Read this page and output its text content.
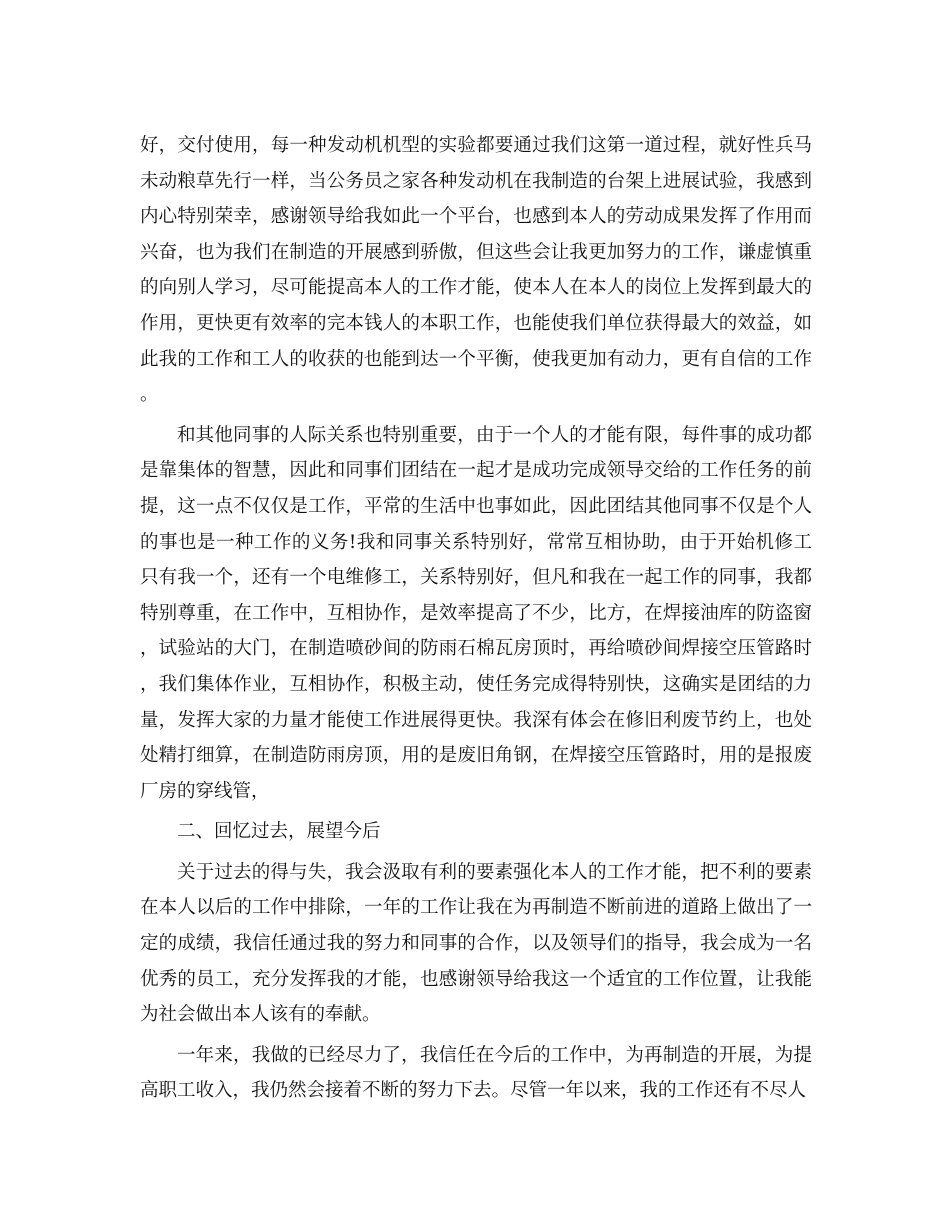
好，交付使用，每一种发动机机型的实验都要通过我们这第一道过程，就好性兵马未动粮草先行一样，当公务员之家各种发动机在我制造的台架上进展试验，我感到内心特别荣幸，感谢领导给我如此一个平台，也感到本人的劳动成果发挥了作用而兴奋，也为我们在制造的开展感到骄傲，但这些会让我更加努力的工作，谦虚慎重的向别人学习，尽可能提高本人的工作才能，使本人在本人的岗位上发挥到最大的作用，更快更有效率的完本钱人的本职工作，也能使我们单位获得最大的效益，如此我的工作和工人的收获的也能到达一个平衡，使我更加有动力，更有自信的工作。

和其他同事的人际关系也特别重要，由于一个人的才能有限，每件事的成功都是靠集体的智慧，因此和同事们团结在一起才是成功完成领导交给的工作任务的前提，这一点不仅仅是工作，平常的生活中也事如此，因此团结其他同事不仅是个人的事也是一种工作的义务!我和同事关系特别好，常常互相协助，由于开始机修工只有我一个，还有一个电维修工，关系特别好，但凡和我在一起工作的同事，我都特别尊重，在工作中，互相协作，是效率提高了不少，比方，在焊接油库的防盗窗，试验站的大门，在制造喷砂间的防雨石棉瓦房顶时，再给喷砂间焊接空压管路时，我们集体作业，互相协作，积极主动，使任务完成得特别快，这确实是团结的力量，发挥大家的力量才能使工作进展得更快。我深有体会在修旧利废节约上，也处处精打细算，在制造防雨房顶，用的是废旧角钢，在焊接空压管路时，用的是报废厂房的穿线管，

二、回忆过去，展望今后

关于过去的得与失，我会汲取有利的要素强化本人的工作才能，把不利的要素在本人以后的工作中排除，一年的工作让我在为再制造不断前进的道路上做出了一定的成绩，我信任通过我的努力和同事的合作，以及领导们的指导，我会成为一名优秀的员工，充分发挥我的才能，也感谢领导给我这一个适宜的工作位置，让我能为社会做出本人该有的奉献。

一年来，我做的已经尽力了，我信任在今后的工作中，为再制造的开展，为提高职工收入，我仍然会接着不断的努力下去。尽管一年以来，我的工作还有不尽人
